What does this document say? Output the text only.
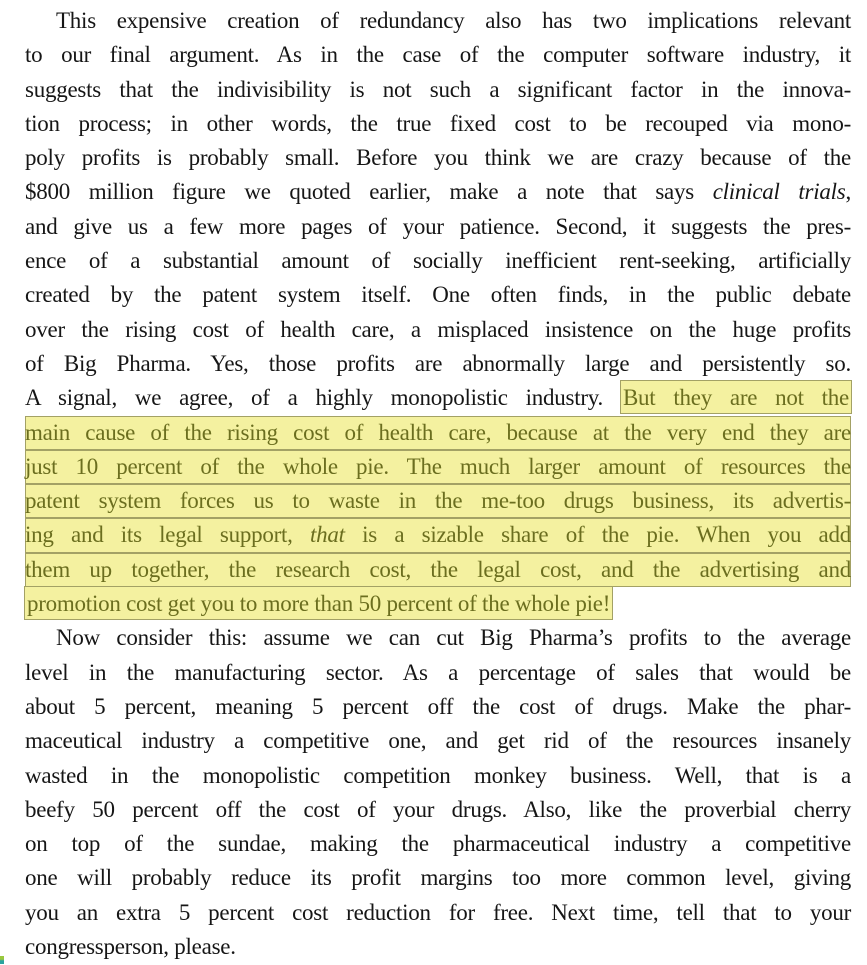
This expensive creation of redundancy also has two implications relevant
to our final argument. As in the case of the computer software industry, it
suggests that the indivisibility is not such a significant factor in the innova-
tion process; in other words, the true fixed cost to be recouped via mono-
poly profits is probably small. Before you think we are crazy because of the
$800 million figure we quoted earlier, make a note that says clinical trials,
and give us a few more pages of your patience. Second, it suggests the pres-
ence of a substantial amount of socially inefficient rent-seeking, artificially
created by the patent system itself. One often finds, in the public debate
over the rising cost of health care, a misplaced insistence on the huge profits
of Big Pharma. Yes, those profits are abnormally large and persistently so.
A signal, we agree, of a highly monopolistic industry. But they are not the
main cause of the rising cost of health care, because at the very end they are
just 10 percent of the whole pie. The much larger amount of resources the
patent system forces us to waste in the me-too drugs business, its advertis-
ing and its legal support, that is a sizable share of the pie. When you add
them up together, the research cost, the legal cost, and the advertising and
promotion cost get you to more than 50 percent of the whole pie!
Now consider this: assume we can cut Big Pharma’s profits to the average
level in the manufacturing sector. As a percentage of sales that would be
about 5 percent, meaning 5 percent off the cost of drugs. Make the phar-
maceutical industry a competitive one, and get rid of the resources insanely
wasted in the monopolistic competition monkey business. Well, that is a
beefy 50 percent off the cost of your drugs. Also, like the proverbial cherry
on top of the sundae, making the pharmaceutical industry a competitive
one will probably reduce its profit margins too more common level, giving
you an extra 5 percent cost reduction for free. Next time, tell that to your
congressperson, please.
